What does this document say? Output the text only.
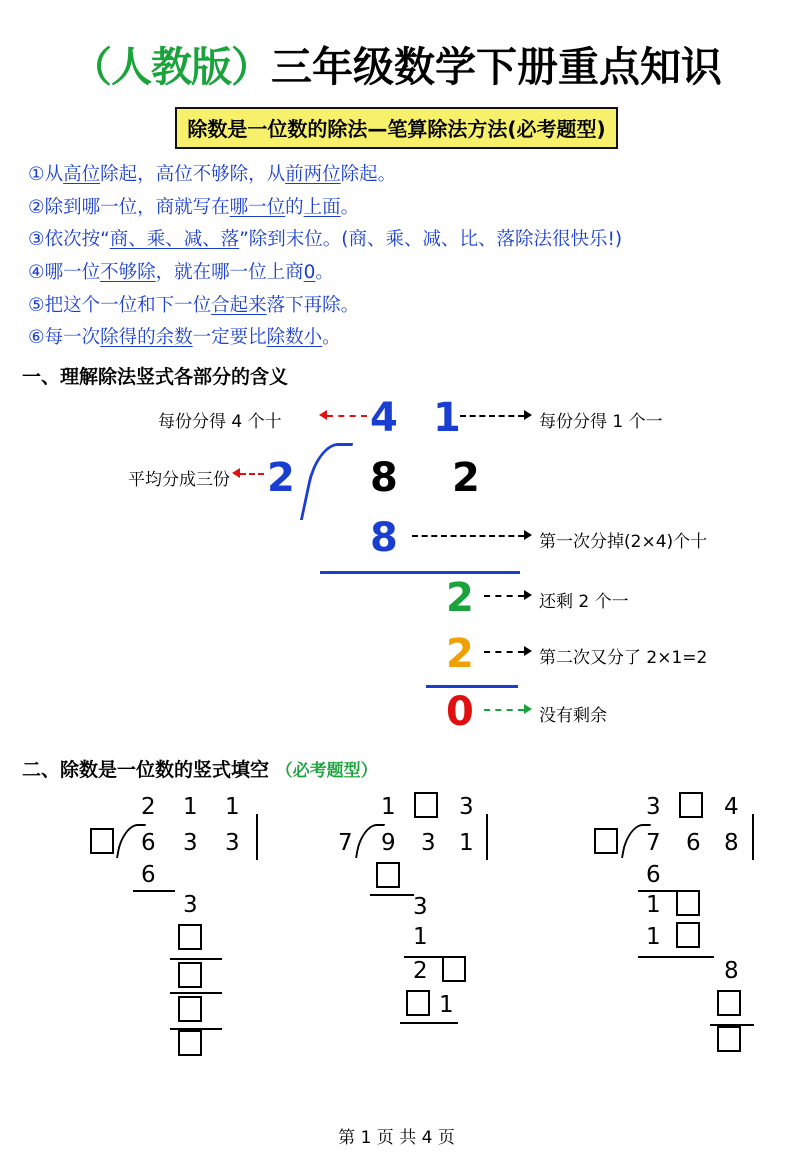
（人教版） 三年级数学下册重点知识
除数是一位数的除法—笔算除法方法(必考题型)

①从高位除起，高位不够除，从前两位除起。

②除到哪一位，商就写在哪一位的上面。

③依次按“商、乘、减、落”除到末位。(商、乘、减、比、落除法很快乐!)

④哪一位不够除，就在哪一位上商0。

⑤把这个一位和下一位合起来落下再除。

⑥每一次除得的余数一定要比除数小。

一、理解除法竖式各部分的含义
4 1
2 8 2
8
2
2
0
每份分得 4 个十
平均分成三份
每份分得 1 个一
第一次分掉(2×4)个十
还剩 2 个一
第二次又分了 2×1=2
没有剩余
二、除数是一位数的竖式填空 （必考题型）
2 1 1
6 3 3
6
3
1	3
7 9 3 1
3
1
2
1
3	4
7 6 8
6
1
1
8
第 1 页 共 4 页
